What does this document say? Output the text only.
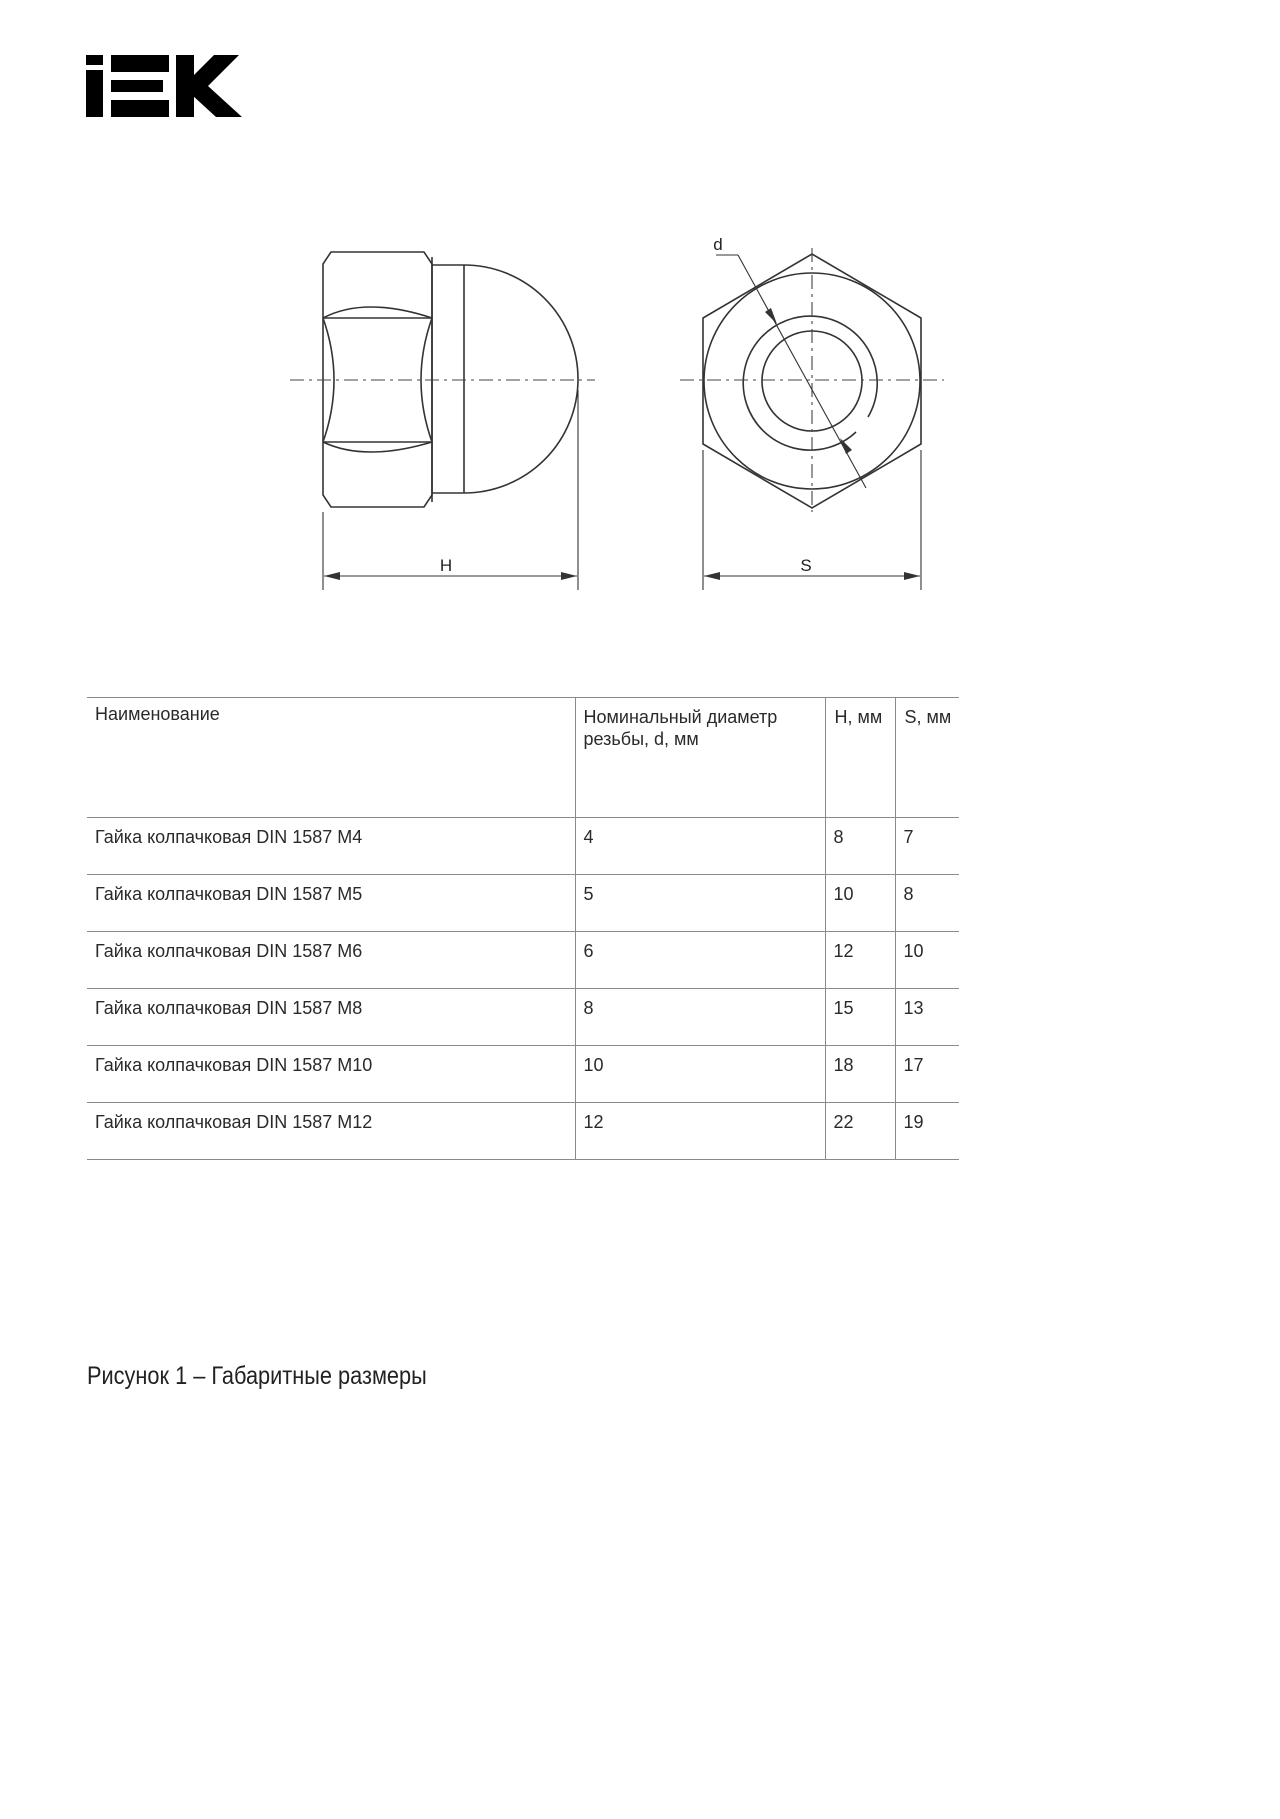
H
d
S
Наименование	Номинальный диаметр резьбы, d, мм	H, мм	S, мм
Гайка колпачковая DIN 1587 М4	4	8	7
Гайка колпачковая DIN 1587 М5	5	10	8
Гайка колпачковая DIN 1587 М6	6	12	10
Гайка колпачковая DIN 1587 М8	8	15	13
Гайка колпачковая DIN 1587 М10	10	18	17
Гайка колпачковая DIN 1587 М12	12	22	19
Рисунок 1 – Габаритные размеры
